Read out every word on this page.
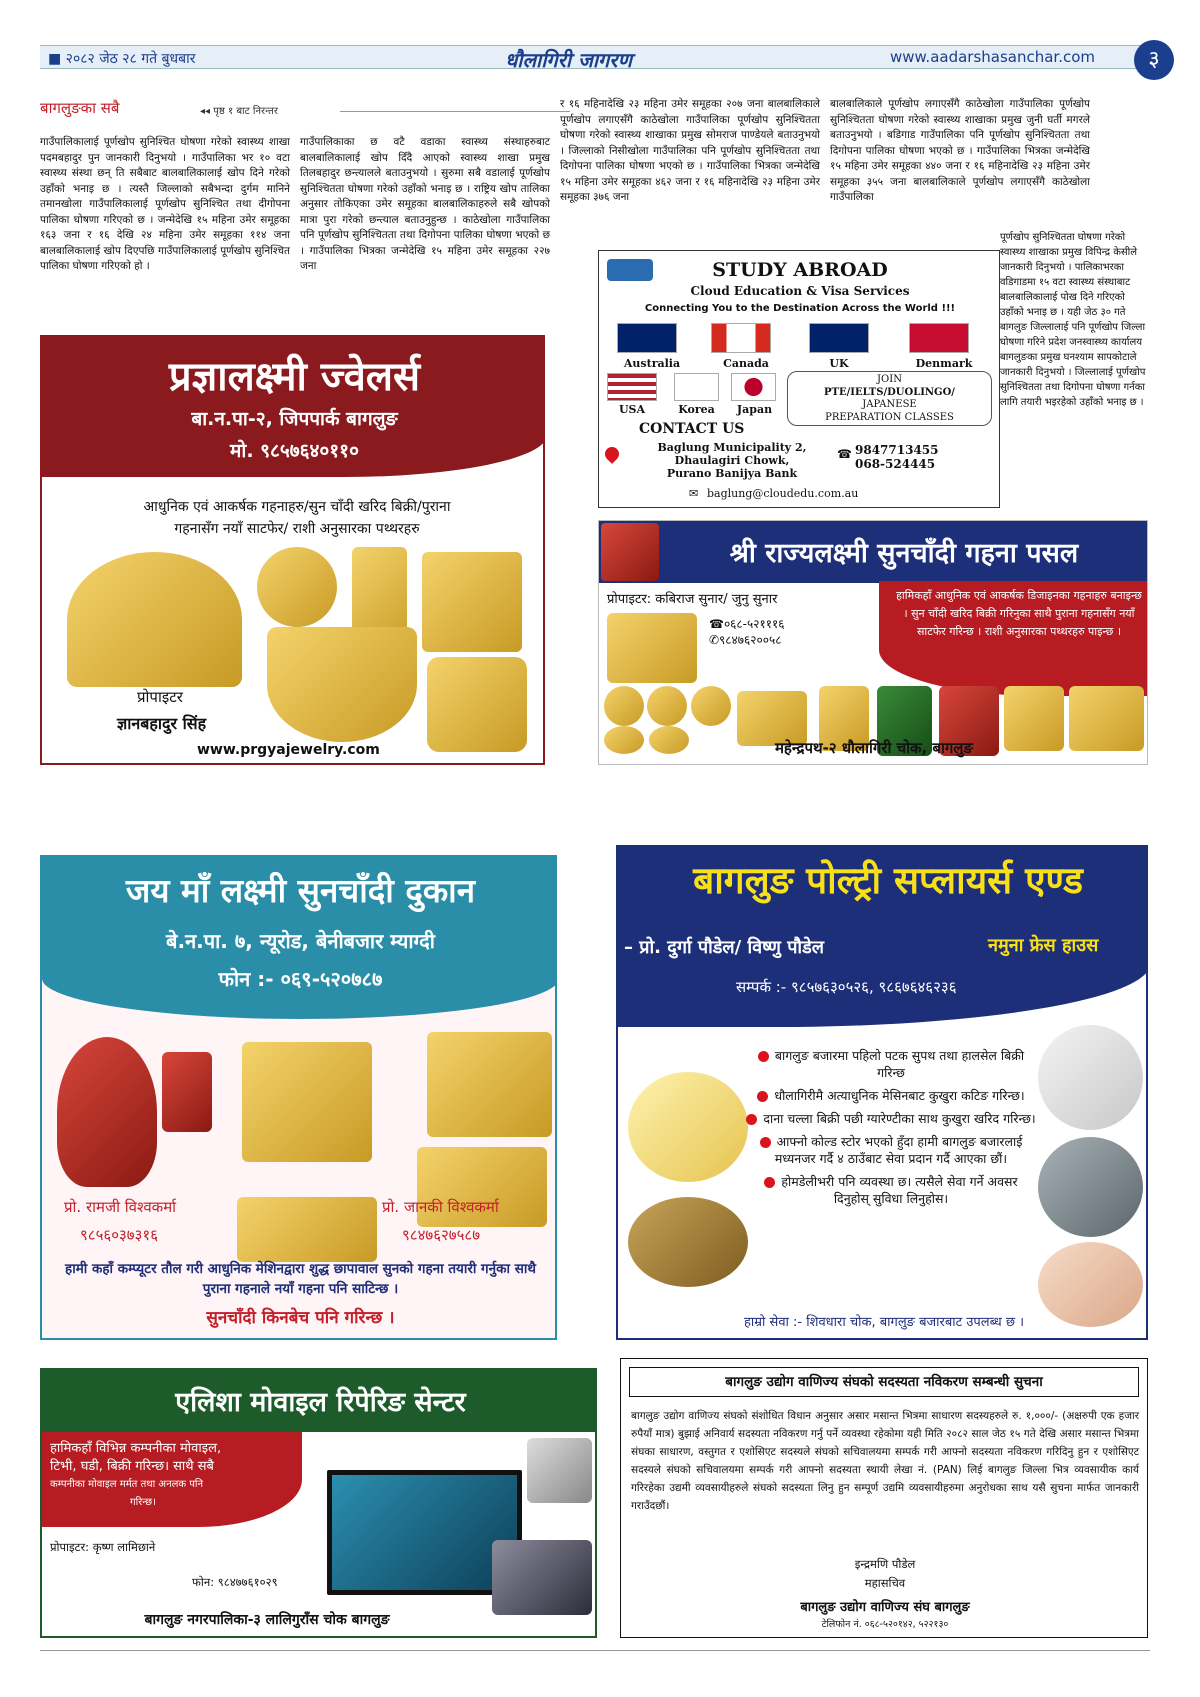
■ २०८२ जेठ २८ गते बुधबार	धौलागिरी जागरण	www.aadarshasanchar.com	३
बागलुङका सबै	◂◂ पृष्ठ १ बाट निरन्तर
गाउँपालिकालाई पूर्णखोप सुनिश्चित घोषणा गरेको स्वास्थ्य शाखा पदमबहादुर पुन जानकारी दिनुभयो । गाउँपालिका भर १० वटा स्वास्थ्य संस्था छन् ति सबैबाट बालबालिकालाई खोप दिने गरेको उहाँको भनाइ छ । त्यस्तै जिल्लाको सबैभन्दा दुर्गम मानिने तमानखोला गाउँपालिकालाई पूर्णखोप सुनिश्चित तथा दीगोपना पालिका घोषणा गरिएको छ । जन्मेदेखि १५ महिना उमेर समूहका १६३ जना र १६ देखि २४ महिना उमेर समूहका ११४ जना बालबालिकालाई खोप दिएपछि गाउँपालिकालाई पूर्णखोप सुनिश्चित पालिका घोषणा गरिएको हो ।
गाउँपालिकाका छ वटै वडाका स्वास्थ्य संस्थाहरुबाट बालबालिकालाई खोप दिँदै आएको स्वास्थ्य शाखा प्रमुख तिलबहादुर छन्त्यालले बताउनुभयो । सुरुमा सबै वडालाई पूर्णखोप सुनिश्चितता घोषणा गरेको उहाँको भनाइ छ । राष्ट्रिय खोप तालिका अनुसार तोकिएका उमेर समूहका बालबालिकाहरुले सबै खोपको मात्रा पुरा गरेको छन्त्याल बताउनुहुन्छ । काठेखोला गाउँपालिका पनि पूर्णखोप सुनिश्चितता तथा दिगोपना पालिका घोषणा भएको छ । गाउँपालिका भित्रका जन्मेदेखि १५ महिना उमेर समूहका २२७ जना
र १६ महिनादेखि २३ महिना उमेर समूहका २०७ जना बालबालिकाले पूर्णखोप लगाएसँगै काठेखोला गाउँपालिका पूर्णखोप सुनिश्चितता घोषणा गरेको स्वास्थ्य शाखाका प्रमुख सोमराज पाण्डेयले बताउनुभयो । जिल्लाको निसीखोला गाउँपालिका पनि पूर्णखोप सुनिश्चितता तथा दिगोपना पालिका घोषणा भएको छ । गाउँपालिका भित्रका जन्मेदेखि १५ महिना उमेर समूहका ४६२ जना र १६ महिनादेखि २३ महिना उमेर समूहका ३७६ जना
बालबालिकाले पूर्णखोप लगाएसँगै काठेखोला गाउँपालिका पूर्णखोप सुनिश्चितता घोषणा गरेको स्वास्थ्य शाखाका प्रमुख जुनी घर्ती मगरले बताउनुभयो । बडिगाड गाउँपालिका पनि पूर्णखोप सुनिश्चितता तथा दिगोपना पालिका घोषणा भएको छ । गाउँपालिका भित्रका जन्मेदेखि १५ महिना उमेर समूहका ४४० जना र १६ महिनादेखि २३ महिना उमेर समूहका ३५५ जना बालबालिकाले पूर्णखोप लगाएसँगै काठेखोला गाउँपालिका
पूर्णखोप सुनिश्चितता घोषणा गरेको स्वास्थ्य शाखाका प्रमुख विपिन्द्र केसीले जानकारी दिनुभयो । पालिकाभरका वडिगाडमा १५ वटा स्वास्थ्य संस्थाबाट बालबालिकालाई पोख दिने गरिएको उहाँको भनाइ छ । यही जेठ ३० गते बागलुङ जिल्लालाई पनि पूर्णखोप जिल्ला घोषणा गरिने प्रदेश जनस्वास्थ्य कार्यालय बागलुङका प्रमुख घनश्याम सापकोटाले जानकारी दिनुभयो । जिल्लालाई पूर्णखोप सुनिश्चितता तथा दिगोपना घोषणा गर्नका लागि तयारी भइरहेको उहाँको भनाइ छ ।
प्रज्ञालक्ष्मी ज्वेलर्स
बा.न.पा-२, जिपपार्क बागलुङ
मो. ९८५७६४०११०
आधुनिक एवं आकर्षक गहनाहरु/सुन चाँदी खरिद बिक्री/पुराना
गहनासँग नयाँ साटफेर/ राशी अनुसारका पथ्थरहरु
प्रोपाइटर
ज्ञानबहादुर सिंह
www.prgyajewelry.com
STUDY ABROAD
Cloud Education & Visa Services
Connecting You to the Destination Across the World !!!
Australia	Canada	UK	Denmark
USA	Korea	Japan
JOIN
PTE/IELTS/DUOLINGO/
JAPANESE
PREPARATION CLASSES
CONTACT US
Baglung Municipality 2,
Dhaulagiri Chowk,
Purano Banijya Bank
☎ 9847713455
068-524445
✉ baglung@cloudedu.com.au
श्री राज्यलक्ष्मी सुनचाँदी गहना पसल
प्रोपाइटर: कबिराज सुनार/ जुनु सुनार	हामिकहाँ आधुनिक एवं आकर्षक डिजाइनका गहनाहरु बनाइन्छ । सुन चाँदी खरिद बिक्री गरिनुका साथै पुराना गहनासँग नयाँ साटफेर गरिन्छ । राशी अनुसारका पथ्थरहरु पाइन्छ ।
☎०६८-५२१११६
✆९८४७६२००५८
महेन्द्रपथ-२ धौलागिरी चोक, बागलुङ
जय माँ लक्ष्मी सुनचाँदी दुकान
बे.न.पा. ७, न्यूरोड, बेनीबजार म्याग्दी
फोन :- ०६९-५२०७८७
प्रो. रामजी विश्वकर्मा
९८५६०३७३१६
प्रो. जानकी विश्वकर्मा
९८४७६२७५८७
हामी कहाँ कम्प्यूटर तौल गरी आधुनिक मेशिनद्वारा शुद्ध छापावाल सुनको गहना तयारी गर्नुका साथै पुराना गहनाले नयाँ गहना पनि साटिन्छ ।
सुनचाँदी किनबेच पनि गरिन्छ ।
बागलुङ पोल्ट्री सप्लायर्स एण्ड
– प्रो. दुर्गा पौडेल/ विष्णु पौडेल	नमुना फ्रेस हाउस
सम्पर्क :- ९८५७६३०५२६, ९८६७६४६२३६
बागलुङ बजारमा पहिलो पटक सुपथ तथा हालसेल बिक्री गरिन्छ
धौलागिरीमै अत्याधुनिक मेसिनबाट कुखुरा कटिङ गरिन्छ।
दाना चल्ला बिक्री पछी ग्यारेण्टीका साथ कुखुरा खरिद गरिन्छ।
आफ्नो कोल्ड स्टोर भएको हुँदा हामी बागलुङ बजारलाई मध्यनजर गर्दै ४ ठाउँबाट सेवा प्रदान गर्दै आएका छौं।
होमडेलीभरी पनि व्यवस्था छ। त्यसैले सेवा गर्ने अवसर दिनुहोस् सुविधा लिनुहोस।
हाम्रो सेवा :- शिवधारा चोक, बागलुङ बजारबाट उपलब्ध छ ।
एलिशा मोवाइल रिपेरिङ सेन्टर
हामिकहाँ विभिन्न कम्पनीका मोवाइल,
टिभी, घडी, बिक्री गरिन्छ। साथै सबै
कम्पनीका मोवाइल मर्मत तथा अनलक पनि
गरिन्छ।
प्रोपाइटर: कृष्ण लामिछाने
फोन: ९८४७७६१०२९
बागलुङ नगरपालिका-३ लालिगुराँस चोक बागलुङ
बागलुङ उद्योग वाणिज्य संघको सदस्यता नविकरण सम्बन्धी सुचना
बागलुङ उद्योग वाणिज्य संघको संशोधित विधान अनुसार असार मसान्त भित्रमा साधारण सदस्यहरुले रु. १,०००/- (अक्षरुपी एक हजार रुपैयाँ मात्र) बुझाई अनिवार्य सदस्यता नविकरण गर्नु पर्ने व्यवस्था रहेकोमा यही मिति २०८२ साल जेठ १५ गते देखि असार मसान्त भित्रमा संघका साधारण, वस्तुगत र एशोसिएट सदस्यले संघको सचिवालयमा सम्पर्क गरी आफ्नो सदस्यता नविकरण गरिदिनु हुन र एशोसिएट सदस्यले संघको सचिवालयमा सम्पर्क गरी आफ्नो सदस्यता स्थायी लेखा नं. (PAN) लिई बागलुङ जिल्ला भित्र व्यवसायीक कार्य गरिरहेका उद्यमी व्यवसायीहरुले संघको सदस्यता लिनु हुन सम्पूर्ण उद्यमि व्यवसायीहरुमा अनुरोधका साथ यसै सुचना मार्फत जानकारी गराउँदछौं।
इन्द्रमणि पौडेल
महासचिव
बागलुङ उद्योग वाणिज्य संघ बागलुङ
टेलिफोन नं. ०६८-५२०१४२, ५२२१३०
